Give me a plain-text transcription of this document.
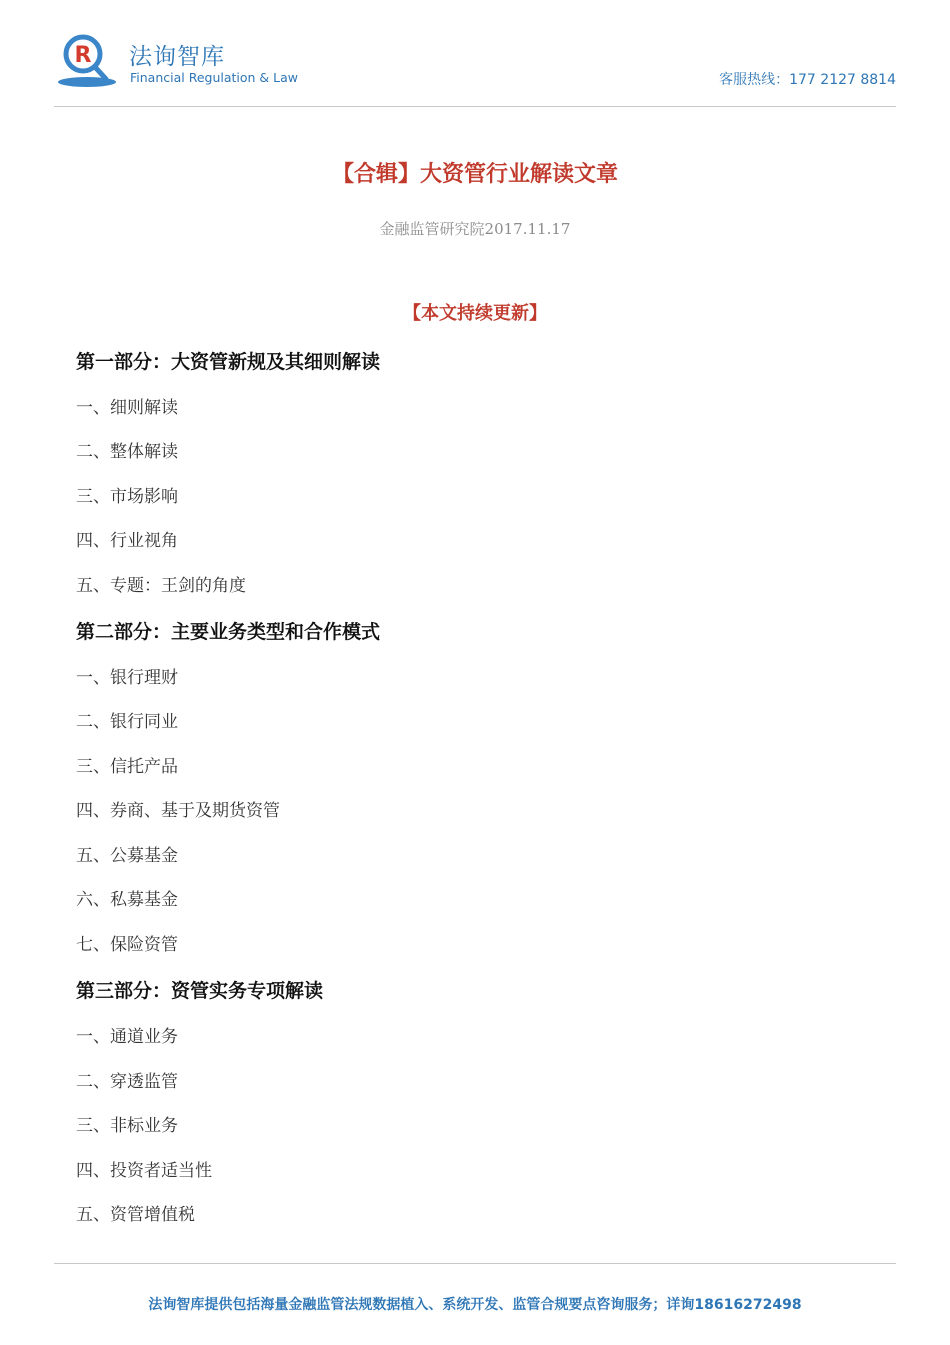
R 法询智库
Financial Regulation & Law	客服热线：177 2127 8814
【合辑】大资管行业解读文章
金融监管研究院2017.11.17
【本文持续更新】
第一部分：大资管新规及其细则解读
一、细则解读
二、整体解读
三、市场影响
四、行业视角
五、专题：王剑的角度
第二部分：主要业务类型和合作模式
一、银行理财
二、银行同业
三、信托产品
四、券商、基于及期货资管
五、公募基金
六、私募基金
七、保险资管
第三部分：资管实务专项解读
一、通道业务
二、穿透监管
三、非标业务
四、投资者适当性
五、资管增值税
法询智库提供包括海量金融监管法规数据植入、系统开发、监管合规要点咨询服务；详询18616272498
